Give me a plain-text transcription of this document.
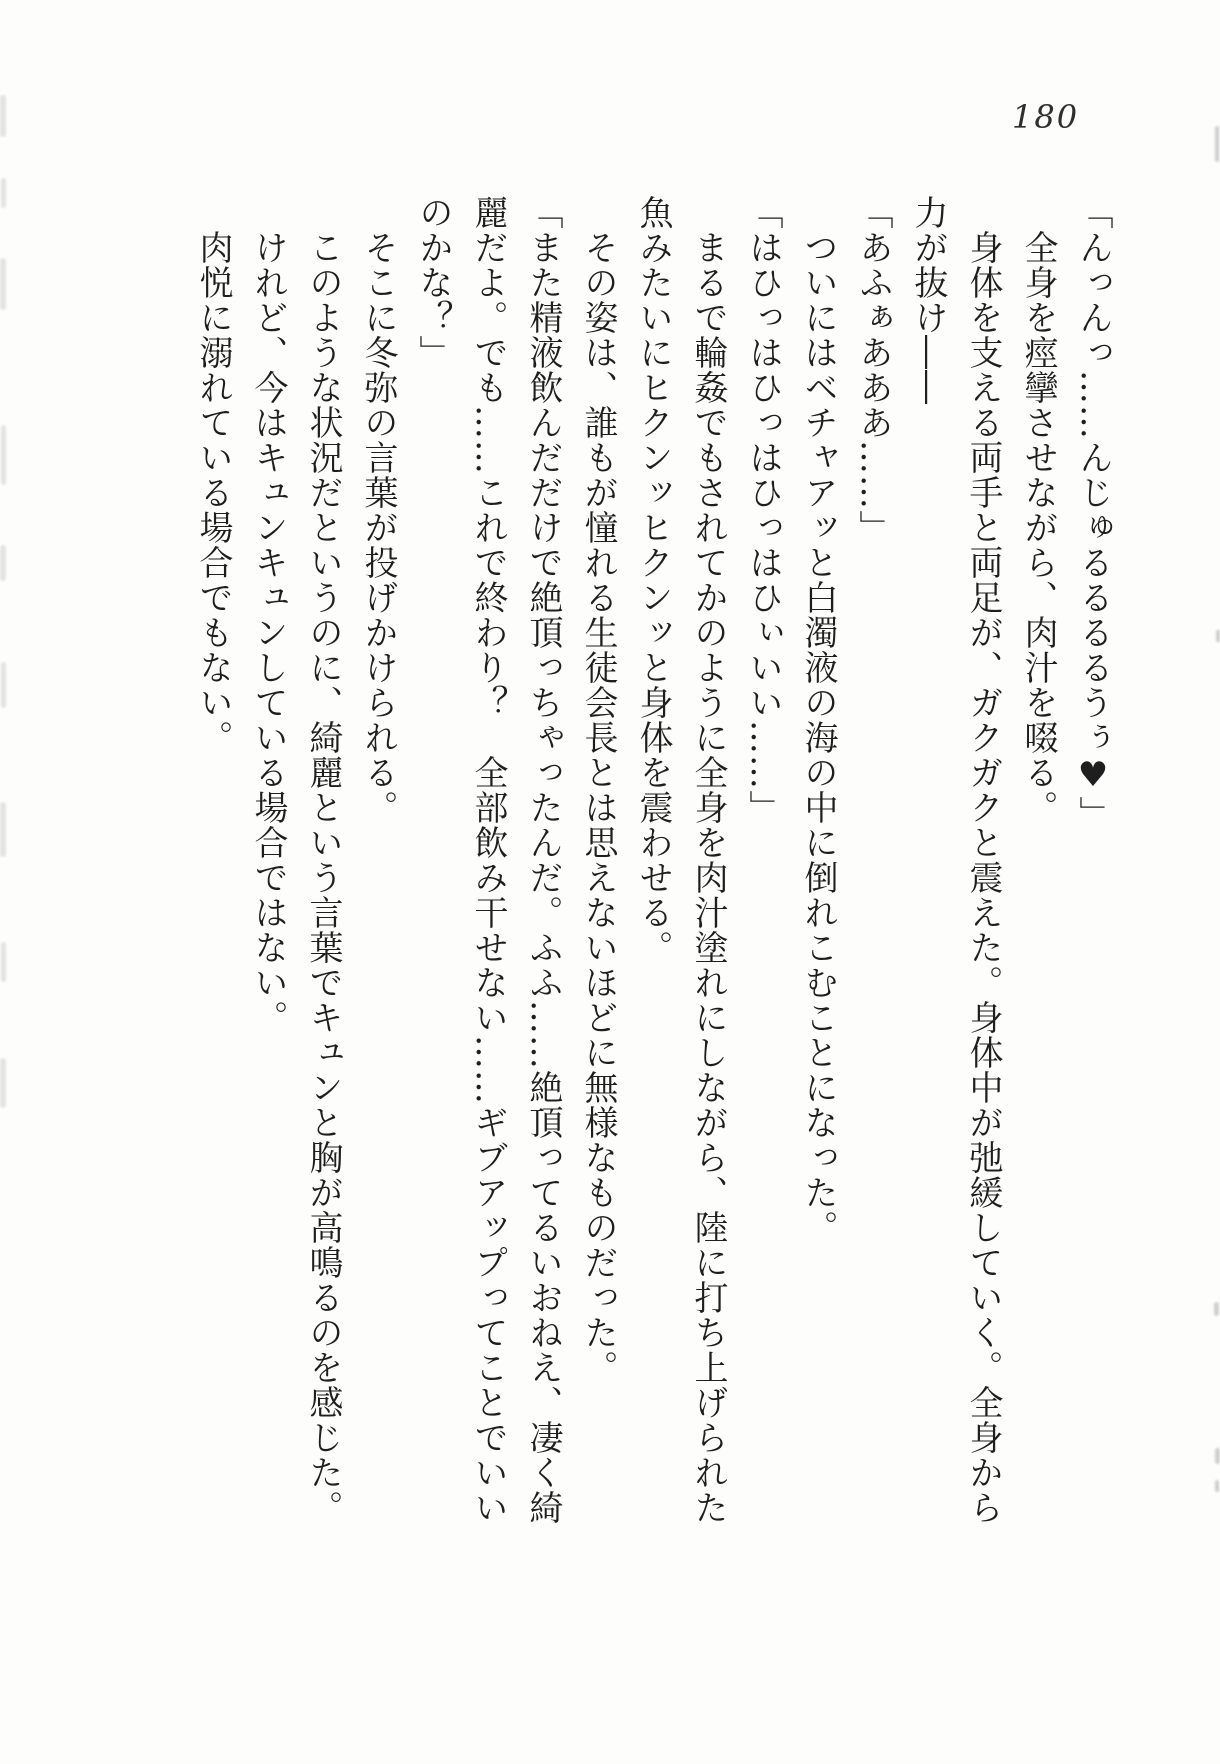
180
「んっんっ……んじゅるるるるうぅ♥」
　全身を痙攣させながら、肉汁を啜る。
　身体を支える両手と両足が、ガクガクと震えた。身体中が弛緩していく。全身から
力が抜け――
「あふぁあああ……」
　ついにはベチャアッと白濁液の海の中に倒れこむことになった。
「はひっはひっはひっはひぃいい……」
　まるで輪姦でもされてかのように全身を肉汁塗れにしながら、陸に打ち上げられた
魚みたいにヒクンッヒクンッと身体を震わせる。
　その姿は、誰もが憧れる生徒会長とは思えないほどに無様なものだった。
「また精液飲んだだけで絶頂っちゃったんだ。ふふ……絶頂ってるいおねえ、凄く綺
麗だよ。でも……これで終わり？　全部飲み干せない……ギブアップってことでいい
のかな？」
　そこに冬弥の言葉が投げかけられる。
　このような状況だというのに、綺麗という言葉でキュンと胸が高鳴るのを感じた。
　けれど、今はキュンキュンしている場合ではない。
　肉悦に溺れている場合でもない。
